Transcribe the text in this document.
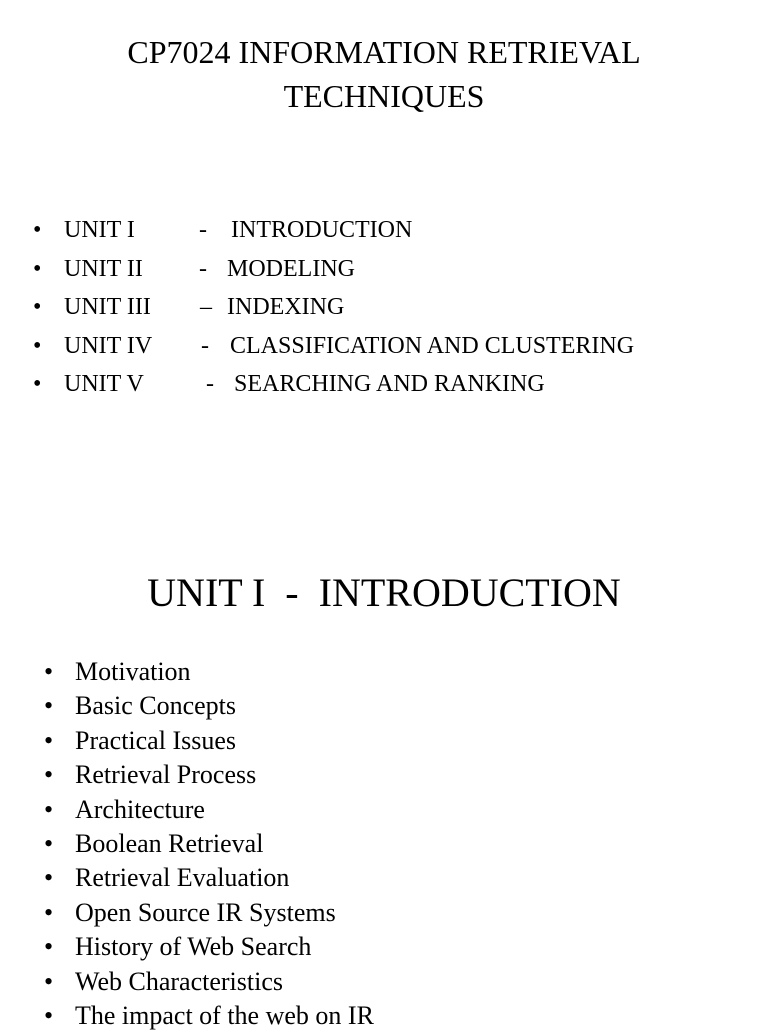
CP7024 INFORMATION RETRIEVAL
TECHNIQUES
• UNIT I	- INTRODUCTION
• UNIT II - MODELING
• UNIT III – INDEXING
• UNIT IV - CLASSIFICATION AND CLUSTERING
• UNIT V	- SEARCHING AND RANKING
UNIT I  -  INTRODUCTION
• Motivation
• Basic Concepts
• Practical Issues
• Retrieval Process
• Architecture
• Boolean Retrieval
• Retrieval Evaluation
• Open Source IR Systems
• History of Web Search
• Web Characteristics
• The impact of the web on IR
